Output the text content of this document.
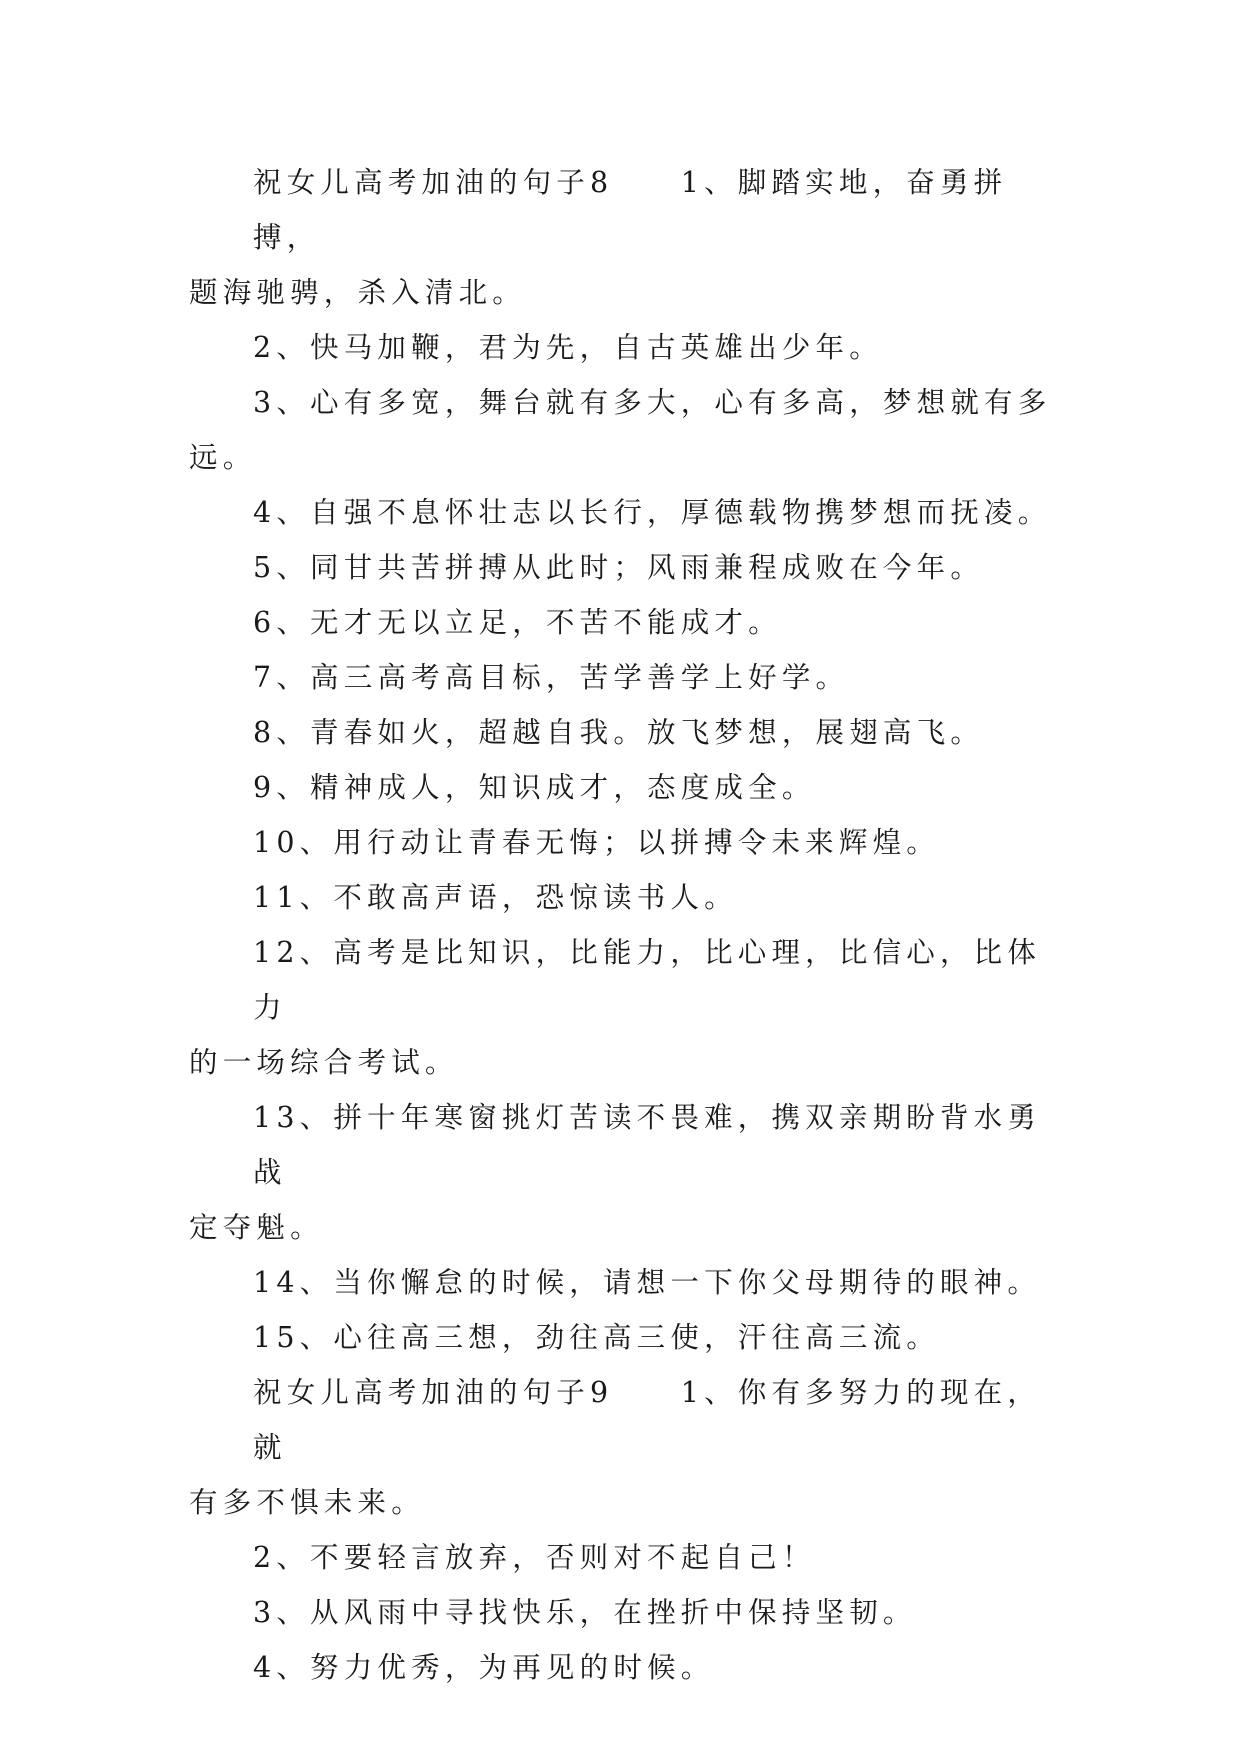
祝女儿高考加油的句子8　　1、脚踏实地，奋勇拼搏，
题海驰骋，杀入清北。

2、快马加鞭，君为先，自古英雄出少年。

3、心有多宽，舞台就有多大，心有多高，梦想就有多
远。

4、自强不息怀壮志以长行，厚德载物携梦想而抚凌。

5、同甘共苦拼搏从此时；风雨兼程成败在今年。

6、无才无以立足，不苦不能成才。

7、高三高考高目标，苦学善学上好学。

8、青春如火，超越自我。放飞梦想，展翅高飞。

9、精神成人，知识成才，态度成全。

10、用行动让青春无悔；以拼搏令未来辉煌。

11、不敢高声语，恐惊读书人。

12、高考是比知识，比能力，比心理，比信心，比体力
的一场综合考试。

13、拼十年寒窗挑灯苦读不畏难，携双亲期盼背水勇战
定夺魁。

14、当你懈怠的时候，请想一下你父母期待的眼神。

15、心往高三想，劲往高三使，汗往高三流。

祝女儿高考加油的句子9　　1、你有多努力的现在，就
有多不惧未来。

2、不要轻言放弃，否则对不起自己！

3、从风雨中寻找快乐，在挫折中保持坚韧。

4、努力优秀，为再见的时候。
